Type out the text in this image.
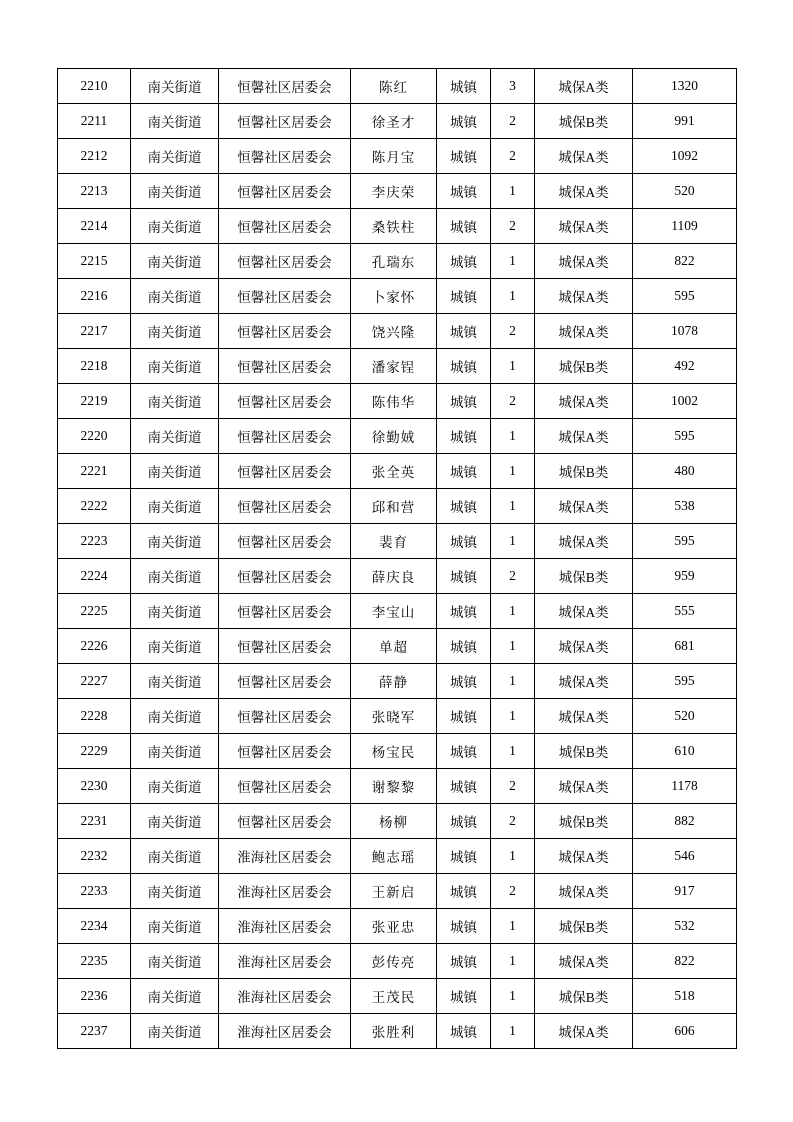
2210	南关街道	恒馨社区居委会	陈红	城镇	3	城保A类	1320
2211	南关街道	恒馨社区居委会	徐圣才	城镇	2	城保B类	991
2212	南关街道	恒馨社区居委会	陈月宝	城镇	2	城保A类	1092
2213	南关街道	恒馨社区居委会	李庆荣	城镇	1	城保A类	520
2214	南关街道	恒馨社区居委会	桑铁柱	城镇	2	城保A类	1109
2215	南关街道	恒馨社区居委会	孔瑞东	城镇	1	城保A类	822
2216	南关街道	恒馨社区居委会	卜家怀	城镇	1	城保A类	595
2217	南关街道	恒馨社区居委会	饶兴隆	城镇	2	城保A类	1078
2218	南关街道	恒馨社区居委会	潘家锃	城镇	1	城保B类	492
2219	南关街道	恒馨社区居委会	陈伟华	城镇	2	城保A类	1002
2220	南关街道	恒馨社区居委会	徐勤娀	城镇	1	城保A类	595
2221	南关街道	恒馨社区居委会	张全英	城镇	1	城保B类	480
2222	南关街道	恒馨社区居委会	邱和营	城镇	1	城保A类	538
2223	南关街道	恒馨社区居委会	裴育	城镇	1	城保A类	595
2224	南关街道	恒馨社区居委会	薛庆良	城镇	2	城保B类	959
2225	南关街道	恒馨社区居委会	李宝山	城镇	1	城保A类	555
2226	南关街道	恒馨社区居委会	单超	城镇	1	城保A类	681
2227	南关街道	恒馨社区居委会	薛静	城镇	1	城保A类	595
2228	南关街道	恒馨社区居委会	张晓军	城镇	1	城保A类	520
2229	南关街道	恒馨社区居委会	杨宝民	城镇	1	城保B类	610
2230	南关街道	恒馨社区居委会	谢黎黎	城镇	2	城保A类	1178
2231	南关街道	恒馨社区居委会	杨柳	城镇	2	城保B类	882
2232	南关街道	淮海社区居委会	鲍志瑶	城镇	1	城保A类	546
2233	南关街道	淮海社区居委会	王新启	城镇	2	城保A类	917
2234	南关街道	淮海社区居委会	张亚忠	城镇	1	城保B类	532
2235	南关街道	淮海社区居委会	彭传亮	城镇	1	城保A类	822
2236	南关街道	淮海社区居委会	王茂民	城镇	1	城保B类	518
2237	南关街道	淮海社区居委会	张胜利	城镇	1	城保A类	606
